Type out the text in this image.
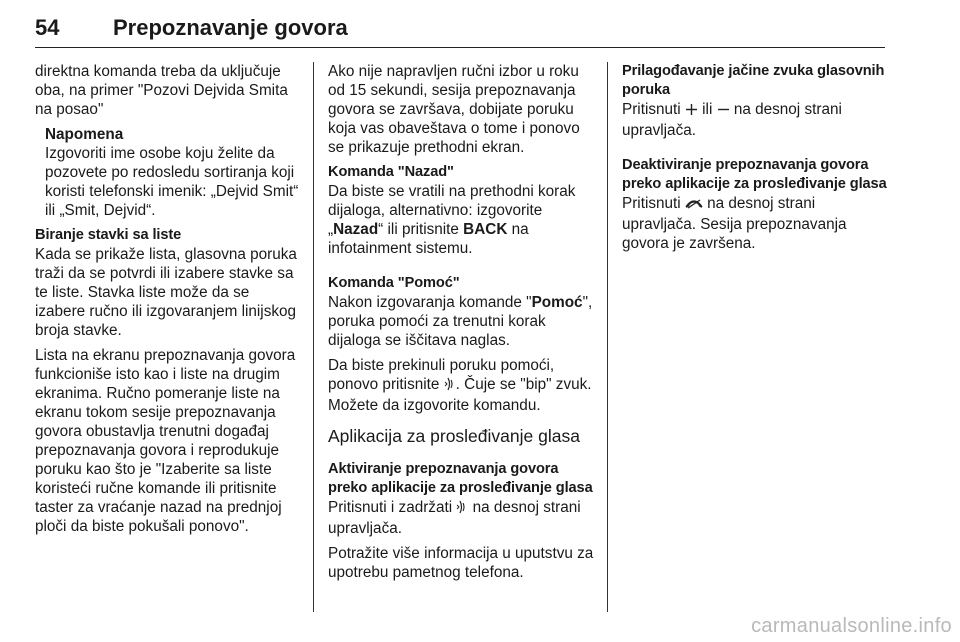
54	Prepoznavanje govora

direktna komanda treba da uključuje oba, na primer "Pozovi Dejvida Smita na posao"

Napomena
Izgovoriti ime osobe koju želite da pozovete po redosledu sortiranja koji koristi telefonski imenik: „Dejvid Smit“ ili „Smit, Dejvid“.
Biranje stavki sa liste

Kada se prikaže lista, glasovna poruka traži da se potvrdi ili izabere stavke sa te liste. Stavka liste može da se izabere ručno ili izgovaranjem linijskog broja stavke.

Lista na ekranu prepoznavanja govora funkcioniše isto kao i liste na drugim ekranima. Ručno pomeranje liste na ekranu tokom sesije prepoznavanja govora obustavlja trenutni događaj prepoznavanja govora i reprodukuje poruku kao što je "Izaberite sa liste koristeći ručne komande ili pritisnite taster za vraćanje nazad na prednjoj ploči da biste pokušali ponovo".

Ako nije napravljen ručni izbor u roku od 15 sekundi, sesija prepoznavanja govora se završava, dobijate poruku koja vas obaveštava o tome i ponovo se prikazuje prethodni ekran.

Komanda "Nazad"

Da biste se vratili na prethodni korak dijaloga, alternativno: izgovorite „Nazad“ ili pritisnite BACK na infotainment sistemu.

Komanda "Pomoć"

Nakon izgovaranja komande "Pomoć", poruka pomoći za trenutni korak dijaloga se iščitava naglas.

Da biste prekinuli poruku pomoći, ponovo pritisnite . Čuje se "bip" zvuk. Možete da izgovorite komandu.

Aplikacija za prosleđivanje glasa
Aktiviranje prepoznavanja govora preko aplikacije za prosleđivanje glasa

Pritisnuti i zadržati  na desnoj strani upravljača.

Potražite više informacija u uputstvu za upotrebu pametnog telefona.

Prilagođavanje jačine zvuka glasovnih poruka

Pritisnuti  ili  na desnoj strani upravljača.

Deaktiviranje prepoznavanja govora preko aplikacije za prosleđivanje glasa

Pritisnuti  na desnoj strani upravljača. Sesija prepoznavanja govora je završena.

carmanualsonline.info
